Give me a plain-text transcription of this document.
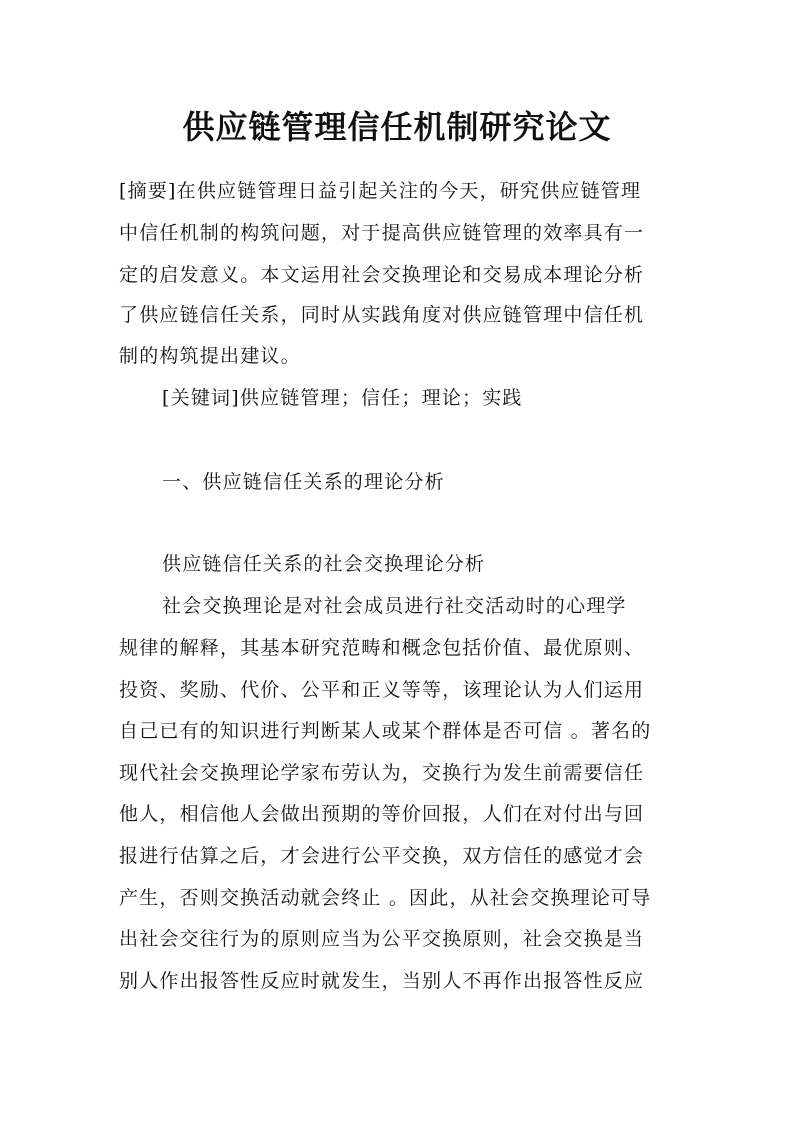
供应链管理信任机制研究论文
[摘要]在供应链管理日益引起关注的今天，研究供应链管理
中信任机制的构筑问题，对于提高供应链管理的效率具有一
定的启发意义。本文运用社会交换理论和交易成本理论分析
了供应链信任关系，同时从实践角度对供应链管理中信任机
制的构筑提出建议。
[关键词]供应链管理；信任；理论；实践
一、供应链信任关系的理论分析
供应链信任关系的社会交换理论分析
社会交换理论是对社会成员进行社交活动时的心理学
规律的解释，其基本研究范畴和概念包括价值、最优原则、
投资、奖励、代价、公平和正义等等，该理论认为人们运用
自己已有的知识进行判断某人或某个群体是否可信 。著名的
现代社会交换理论学家布劳认为，交换行为发生前需要信任
他人，相信他人会做出预期的等价回报，人们在对付出与回
报进行估算之后，才会进行公平交换，双方信任的感觉才会
产生，否则交换活动就会终止 。因此，从社会交换理论可导
出社会交往行为的原则应当为公平交换原则，社会交换是当
别人作出报答性反应时就发生，当别人不再作出报答性反应
